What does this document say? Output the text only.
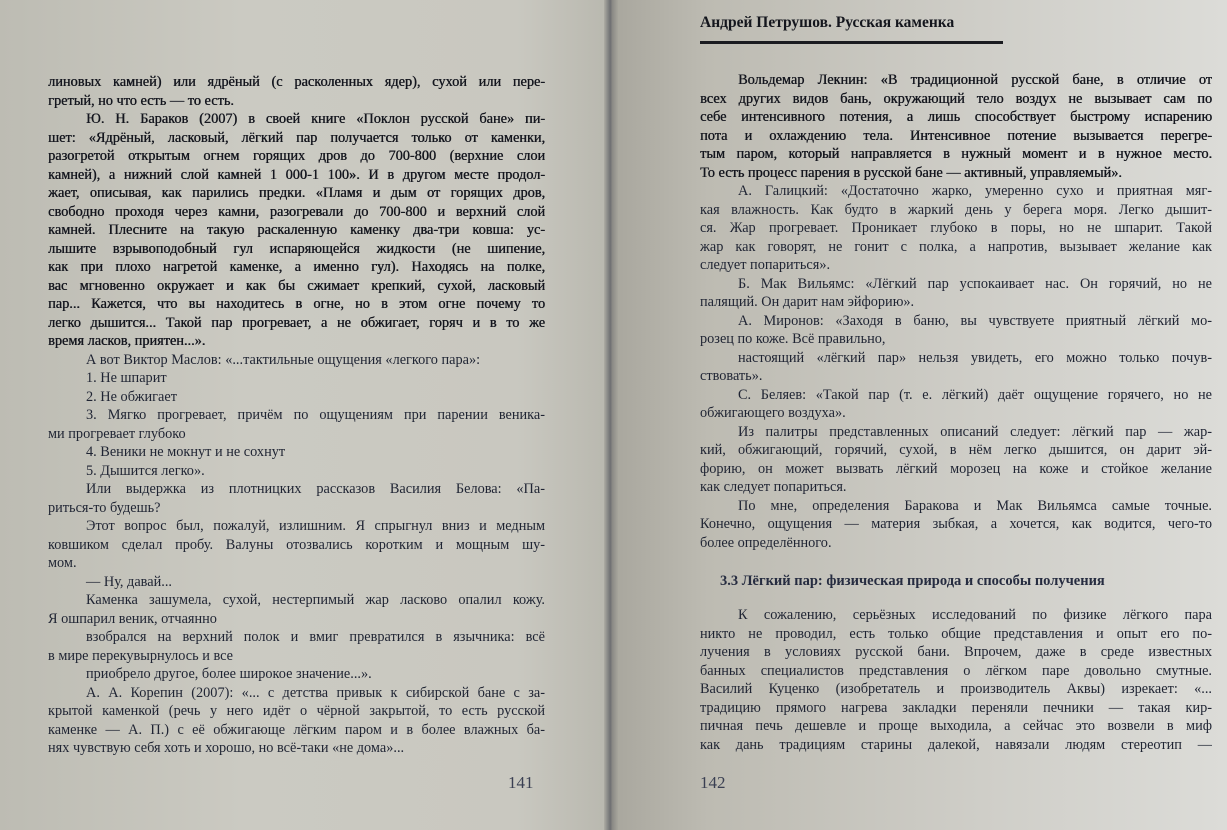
линовых камней) или ядрёный (с расколенных ядер), сухой или пере-
гретый, но что есть — то есть.
Ю. Н. Бараков (2007) в своей книге «Поклон русской бане» пи-
шет: «Ядрёный, ласковый, лёгкий пар получается только от каменки,
разогретой открытым огнем горящих дров до 700-800 (верхние слои
камней), а нижний слой камней 1 000-1 100». И в другом месте продол-
жает, описывая, как парились предки. «Пламя и дым от горящих дров,
свободно проходя через камни, разогревали до 700-800 и верхний слой
камней. Плесните на такую раскаленную каменку два-три ковша: ус-
лышите взрывоподобный гул испаряющейся жидкости (не шипение,
как при плохо нагретой каменке, а именно гул). Находясь на полке,
вас мгновенно окружает и как бы сжимает крепкий, сухой, ласковый
пар... Кажется, что вы находитесь в огне, но в этом огне почему то
легко дышится... Такой пар прогревает, а не обжигает, горяч и в то же
время ласков, приятен...».
А вот Виктор Маслов: «...тактильные ощущения «легкого пара»:
1. Не шпарит
2. Не обжигает
3. Мягко прогревает, причём по ощущениям при парении веника-
ми прогревает глубоко
4. Веники не мокнут и не сохнут
5. Дышится легко».
Или выдержка из плотницких рассказов Василия Белова: «Па-
риться-то будешь?
Этот вопрос был, пожалуй, излишним. Я спрыгнул вниз и медным
ковшиком сделал пробу. Валуны отозвались коротким и мощным шу-
мом.
— Ну, давай...
Каменка зашумела, сухой, нестерпимый жар ласково опалил кожу.
Я ошпарил веник, отчаянно
взобрался на верхний полок и вмиг превратился в язычника: всё
в мире перекувырнулось и все
приобрело другое, более широкое значение...».
А. А. Корепин (2007): «... с детства привык к сибирской бане с за-
крытой каменкой (речь у него идёт о чёрной закрытой, то есть русской
каменке — А. П.) с её обжигающе лёгким паром и в более влажных ба-
нях чувствую себя хоть и хорошо, но всё-таки «не дома»...
141
Андрей Петрушов. Русская каменка
Вольдемар Лекнин: «В традиционной русской бане, в отличие от
всех других видов бань, окружающий тело воздух не вызывает сам по
себе интенсивного потения, а лишь способствует быстрому испарению
пота и охлаждению тела. Интенсивное потение вызывается перегре-
тым паром, который направляется в нужный момент и в нужное место.
То есть процесс парения в русской бане — активный, управляемый».
А. Галицкий: «Достаточно жарко, умеренно сухо и приятная мяг-
кая влажность. Как будто в жаркий день у берега моря. Легко дышит-
ся. Жар прогревает. Проникает глубоко в поры, но не шпарит. Такой
жар как говорят, не гонит с полка, а напротив, вызывает желание как
следует попариться».
Б. Мак Вильямс: «Лёгкий пар успокаивает нас. Он горячий, но не
палящий. Он дарит нам эйфорию».
А. Миронов: «Заходя в баню, вы чувствуете приятный лёгкий мо-
розец по коже. Всё правильно,
настоящий «лёгкий пар» нельзя увидеть, его можно только почув-
ствовать».
С. Беляев: «Такой пар (т. е. лёгкий) даёт ощущение горячего, но не
обжигающего воздуха».
Из палитры представленных описаний следует: лёгкий пар — жар-
кий, обжигающий, горячий, сухой, в нём легко дышится, он дарит эй-
форию, он может вызвать лёгкий морозец на коже и стойкое желание
как следует попариться.
По мне, определения Баракова и Мак Вильямса самые точные.
Конечно, ощущения — материя зыбкая, а хочется, как водится, чего-то
более определённого.
3.3 Лёгкий пар: физическая природа и способы получения
К сожалению, серьёзных исследований по физике лёгкого пара
никто не проводил, есть только общие представления и опыт его по-
лучения в условиях русской бани. Впрочем, даже в среде известных
банных специалистов представления о лёгком паре довольно смутные.
Василий Куценко (изобретатель и производитель Аквы) изрекает: «...
традицию прямого нагрева закладки переняли печники — такая кир-
пичная печь дешевле и проще выходила, а сейчас это возвели в миф
как дань традициям старины далекой, навязали людям стереотип —
142
